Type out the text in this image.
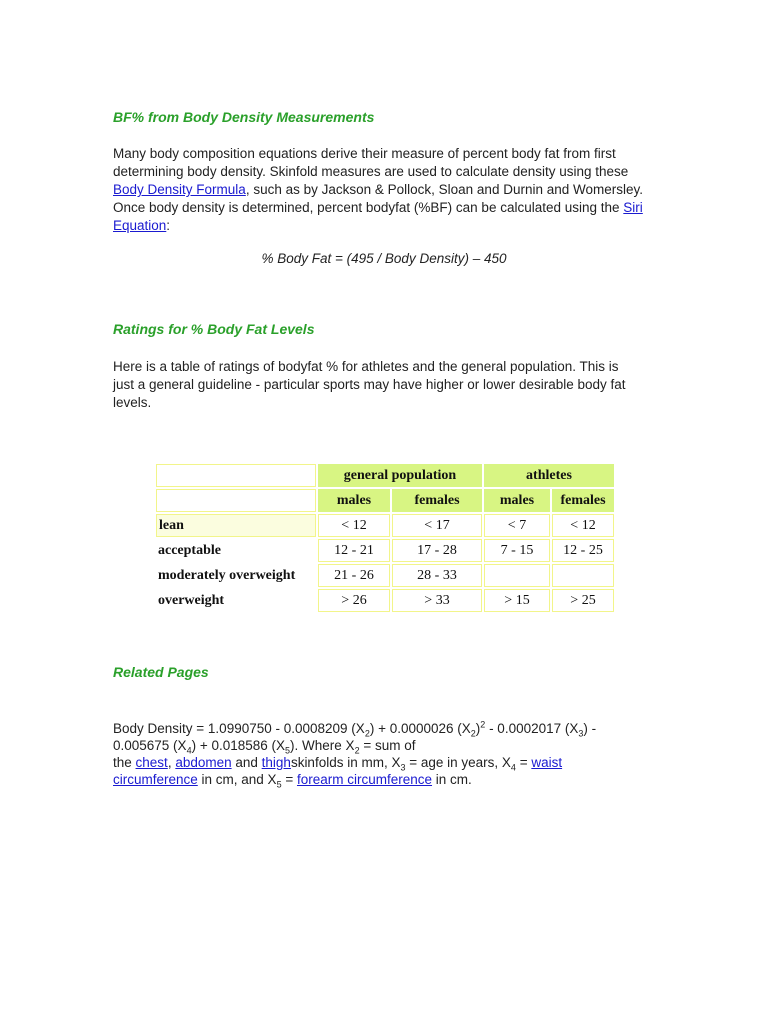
BF% from Body Density Measurements

Many body composition equations derive their measure of percent body fat from first determining body density. Skinfold measures are used to calculate density using these Body Density Formula, such as by Jackson & Pollock, Sloan and Durnin and Womersley. Once body density is determined, percent bodyfat (%BF) can be calculated using the Siri Equation:

% Body Fat = (495 / Body Density) – 450
Ratings for % Body Fat Levels

Here is a table of ratings of bodyfat % for athletes and the general population. This is just a general guideline - particular sports may have higher or lower desirable body fat levels.

	general population		athletes	
	males	females	males	females
lean	< 12	< 17	< 7	< 12
acceptable	12 - 21	17 - 28	7 - 15	12 - 25
moderately overweight	21 - 26	28 - 33		
overweight	> 26	> 33	> 15	> 25
Related Pages

Body Density = 1.0990750 - 0.0008209 $(X_2) + 0.0000026$ $(X_2)^2 - 0.0002017$ $(X_3) - 0.005675$ $(X_4) + 0.018586$ $(X_5)$. Where $X_2$ = sum of
the chest, abdomen and thighskinfolds in mm, $X_3$ = age in years, $X_4$ = waist circumference in cm, and $X_5$ = forearm circumference in cm.
